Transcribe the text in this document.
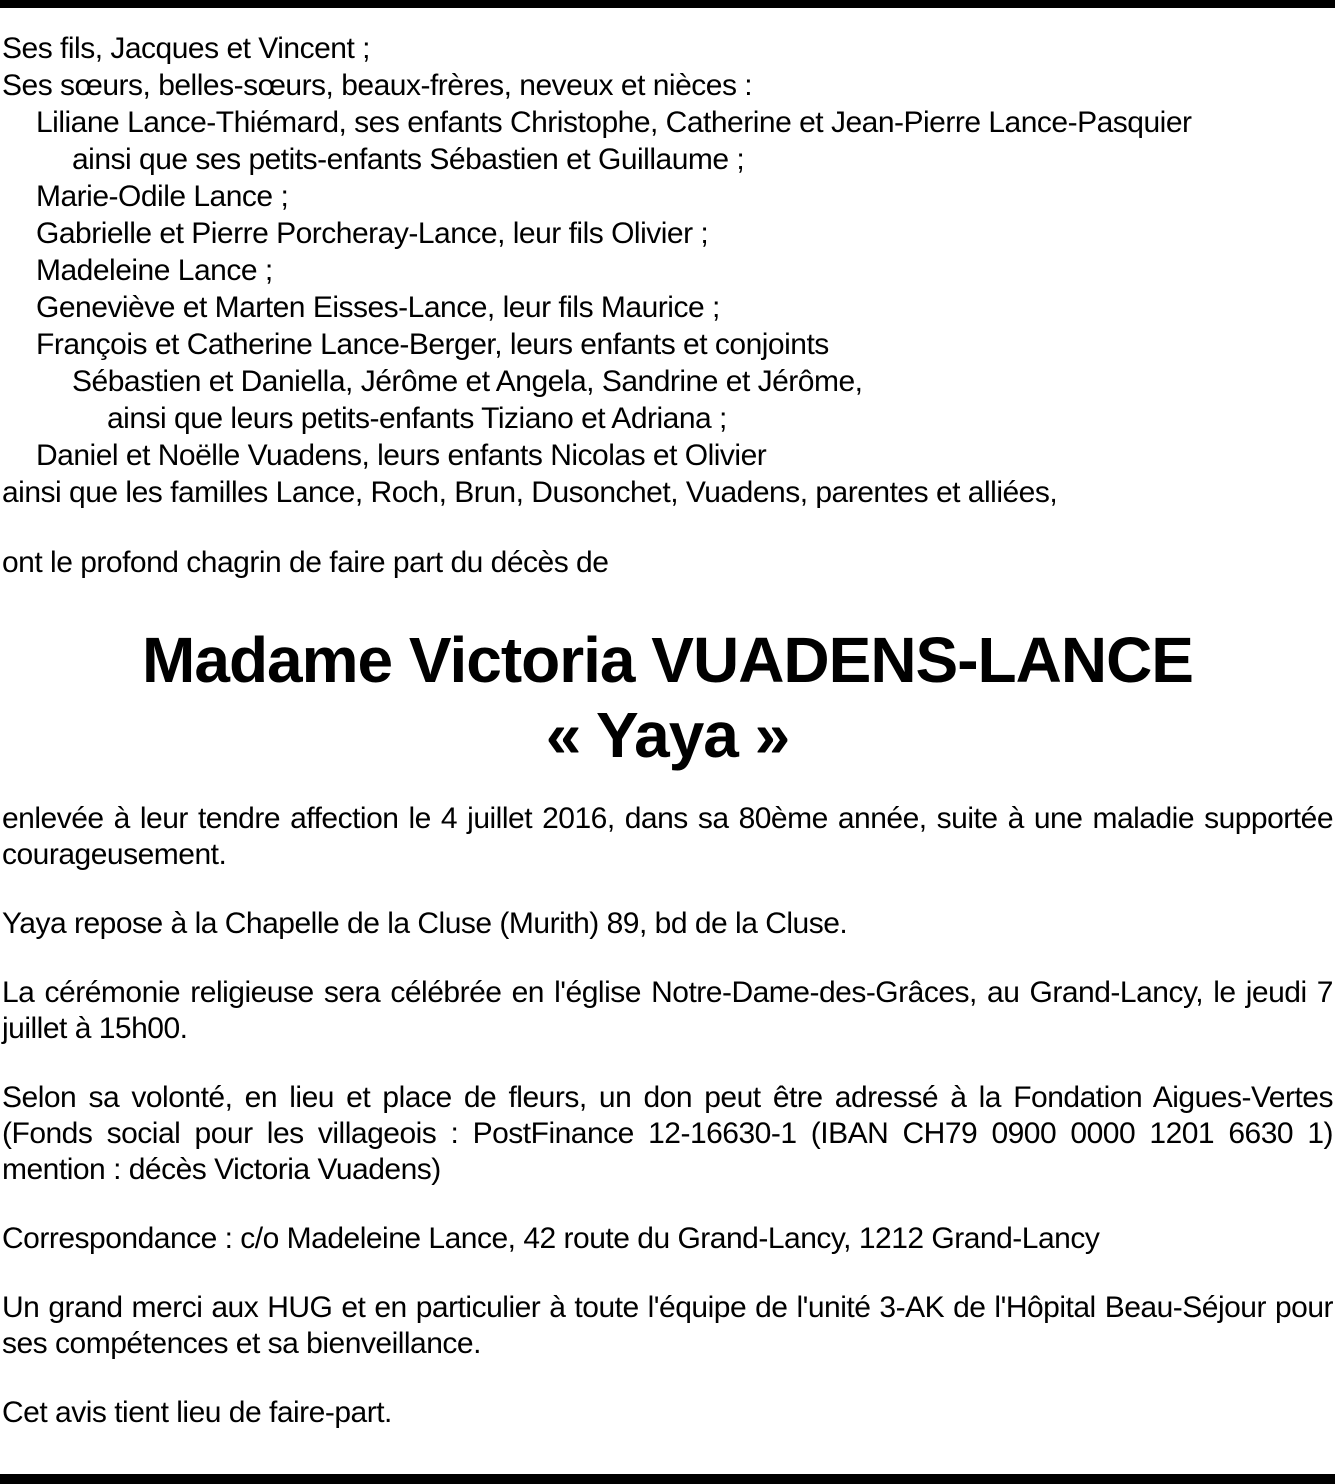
Ses fils, Jacques et Vincent ;
Ses sœurs, belles-sœurs, beaux-frères, neveux et nièces :
Liliane Lance-Thiémard, ses enfants Christophe, Catherine et Jean-Pierre Lance-Pasquier
ainsi que ses petits-enfants Sébastien et Guillaume ;
Marie-Odile Lance ;
Gabrielle et Pierre Porcheray-Lance, leur fils Olivier ;
Madeleine Lance ;
Geneviève et Marten Eisses-Lance, leur fils Maurice ;
François et Catherine Lance-Berger, leurs enfants et conjoints
Sébastien et Daniella, Jérôme et Angela, Sandrine et Jérôme,
ainsi que leurs petits-enfants Tiziano et Adriana ;
Daniel et Noëlle Vuadens, leurs enfants Nicolas et Olivier
ainsi que les familles Lance, Roch, Brun, Dusonchet, Vuadens, parentes et alliées,
ont le profond chagrin de faire part du décès de
Madame Victoria VUADENS-LANCE
« Yaya »

enlevée à leur tendre affection le 4 juillet 2016, dans sa 80ème année, suite à une maladie supportée courageusement.

Yaya repose à la Chapelle de la Cluse (Murith) 89, bd de la Cluse.

La cérémonie religieuse sera célébrée en l'église Notre-Dame-des-Grâces, au Grand-Lancy, le jeudi 7 juillet à 15h00.

Selon sa volonté, en lieu et place de fleurs, un don peut être adressé à la Fondation Aigues-Vertes (Fonds social pour les villageois : PostFinance 12-16630-1 (IBAN CH79 0900 0000 1201 6630 1) mention : décès Victoria Vuadens)

Correspondance : c/o Madeleine Lance, 42 route du Grand-Lancy, 1212 Grand-Lancy

Un grand merci aux HUG et en particulier à toute l'équipe de l'unité 3-AK de l'Hôpital Beau-Séjour pour ses compétences et sa bienveillance.

Cet avis tient lieu de faire-part.
